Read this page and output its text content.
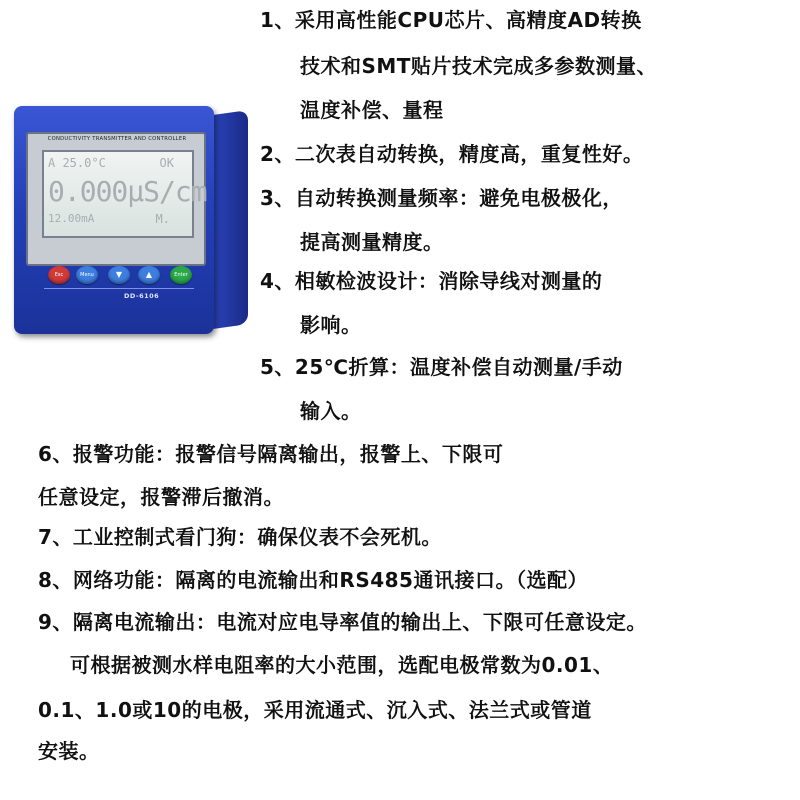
CONDUCTIVITY TRANSMITTER AND CONTROLLER
A 25.0°C	OK
0.000μS/cm
12.00mA	M.
Esc	Menu	▼	▲	Enter
DD-6106
1、采用高性能CPU芯片、高精度AD转换
技术和SMT贴片技术完成多参数测量、
温度补偿、量程
2、二次表自动转换，精度高，重复性好。
3、自动转换测量频率：避免电极极化，
提高测量精度。
4、相敏检波设计：消除导线对测量的
影响。
5、25℃折算：温度补偿自动测量/手动
输入。
6、报警功能：报警信号隔离输出，报警上、下限可
任意设定，报警滞后撤消。
7、工业控制式看门狗：确保仪表不会死机。
8、网络功能：隔离的电流输出和RS485通讯接口。（选配）
9、隔离电流输出：电流对应电导率值的输出上、下限可任意设定。
可根据被测水样电阻率的大小范围，选配电极常数为0.01、
0.1、1.0或10的电极，采用流通式、沉入式、法兰式或管道
安装。
